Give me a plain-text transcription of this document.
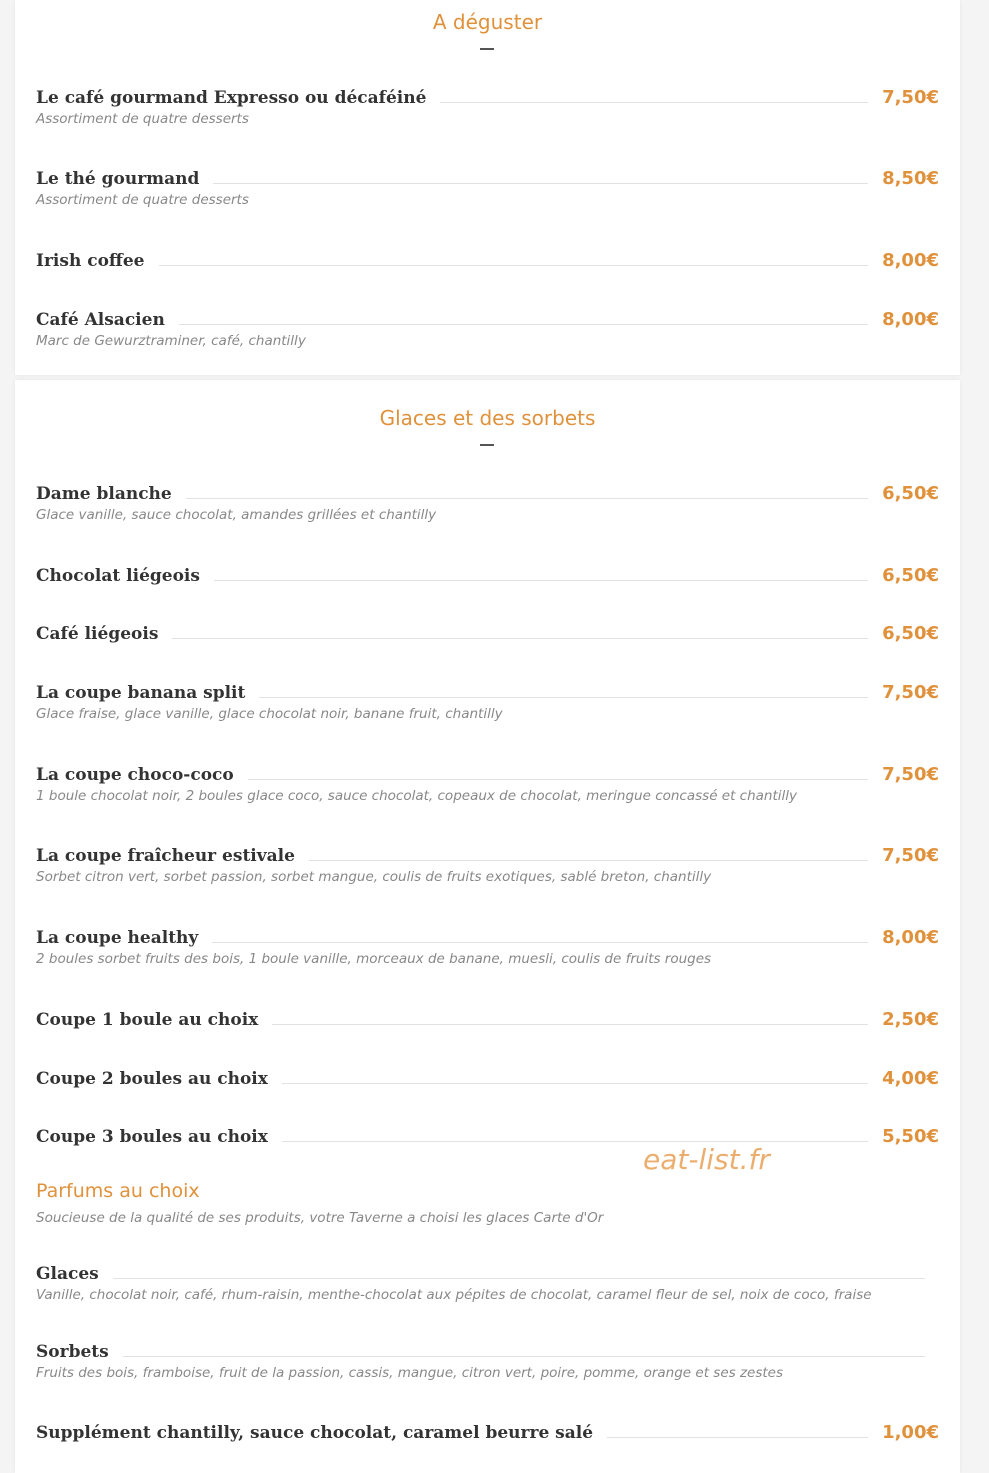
A déguster
Le café gourmand Expresso ou décaféiné	7,50€
Assortiment de quatre desserts
Le thé gourmand	8,50€
Assortiment de quatre desserts
Irish coffee	8,00€
Café Alsacien	8,00€
Marc de Gewurztraminer, café, chantilly
Glaces et des sorbets
Dame blanche	6,50€
Glace vanille, sauce chocolat, amandes grillées et chantilly
Chocolat liégeois	6,50€
Café liégeois	6,50€
La coupe banana split	7,50€
Glace fraise, glace vanille, glace chocolat noir, banane fruit, chantilly
La coupe choco-coco	7,50€
1 boule chocolat noir, 2 boules glace coco, sauce chocolat, copeaux de chocolat, meringue concassé et chantilly
La coupe fraîcheur estivale	7,50€
Sorbet citron vert, sorbet passion, sorbet mangue, coulis de fruits exotiques, sablé breton, chantilly
La coupe healthy	8,00€
2 boules sorbet fruits des bois, 1 boule vanille, morceaux de banane, muesli, coulis de fruits rouges
Coupe 1 boule au choix	2,50€
Coupe 2 boules au choix	4,00€
Coupe 3 boules au choix	5,50€
Parfums au choix
Soucieuse de la qualité de ses produits, votre Taverne a choisi les glaces Carte d'Or
Glaces
Vanille, chocolat noir, café, rhum-raisin, menthe-chocolat aux pépites de chocolat, caramel fleur de sel, noix de coco, fraise
Sorbets
Fruits des bois, framboise, fruit de la passion, cassis, mangue, citron vert, poire, pomme, orange et ses zestes
Supplément chantilly, sauce chocolat, caramel beurre salé	1,00€
eat-list.fr
